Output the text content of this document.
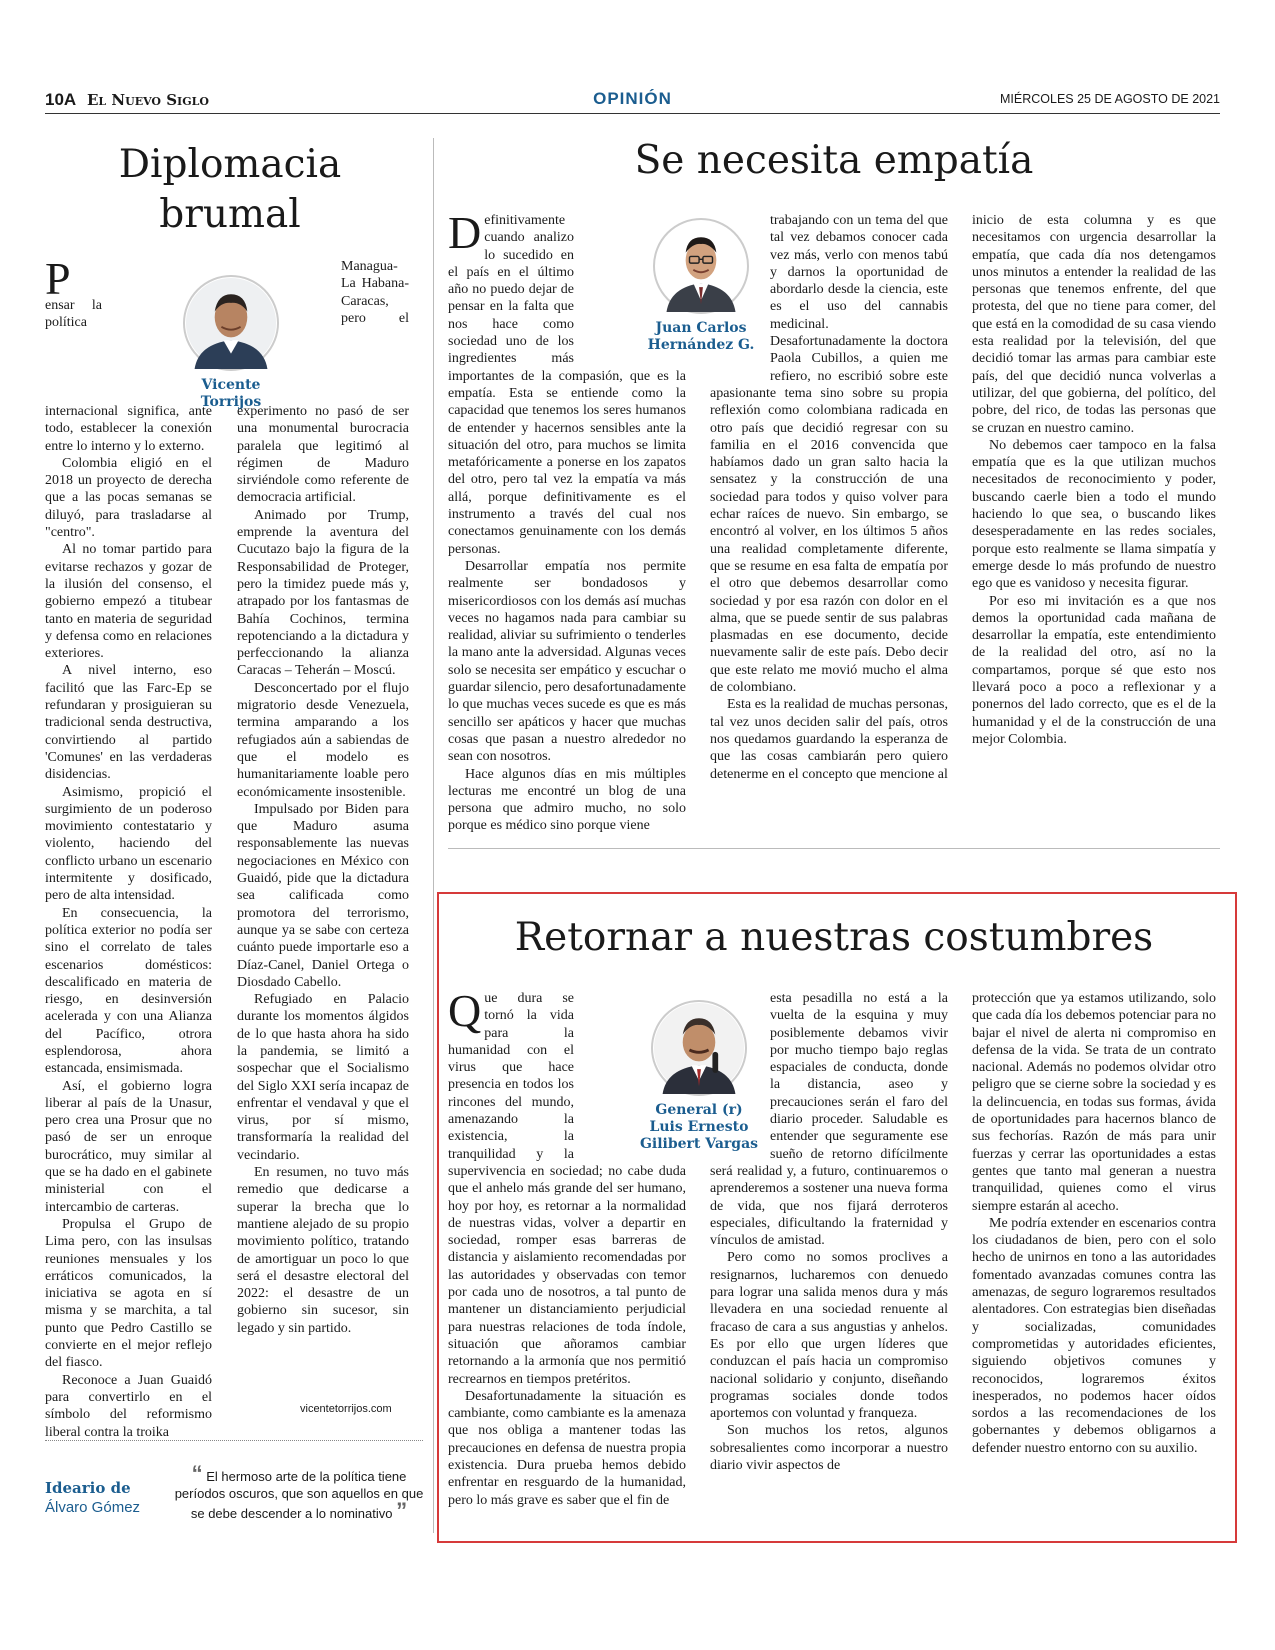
10A El Nuevo Siglo	OPINIÓN	MIÉRCOLES 25 DE AGOSTO DE 2021
Diplomacia
brumal
Vicente
Torrijos

P
ensar la política internacional significa, ante todo, establecer la conexión entre lo interno y lo externo.

Colombia eligió en el 2018 un proyecto de derecha que a las pocas semanas se diluyó, para trasladarse al "centro".

Al no tomar partido para evitarse rechazos y gozar de la ilusión del consenso, el gobierno empezó a titubear tanto en materia de seguridad y defensa como en relaciones exteriores.

A nivel interno, eso facilitó que las Farc-Ep se refundaran y prosiguieran su tradicional senda destructiva, convirtiendo al partido 'Comunes' en las verdaderas disidencias.

Asimismo, propició el surgimiento de un poderoso movimiento contestatario y violento, haciendo del conflicto urbano un escenario intermitente y dosificado, pero de alta intensidad.

En consecuencia, la política exterior no podía ser sino el correlato de tales escenarios domésticos: descalificado en materia de riesgo, en desinversión acelerada y con una Alianza del Pacífico, otrora esplendorosa, ahora estancada, ensimismada.

Así, el gobierno logra liberar al país de la Unasur, pero crea una Prosur que no pasó de ser un enroque burocrático, muy similar al que se ha dado en el gabinete ministerial con el intercambio de carteras.

Propulsa el Grupo de Lima pero, con las insulsas reuniones mensuales y los erráticos comunicados, la iniciativa se agota en sí misma y se marchita, a tal punto que Pedro Castillo se convierte en el mejor reflejo del fiasco.

Reconoce a Juan Guaidó para convertirlo en el símbolo del reformismo liberal contra la troika

Managua-La Habana-Caracas, pero el experimento no pasó de ser una monumental burocracia paralela que legitimó al régimen de Maduro sirviéndole como referente de democracia artificial.

Animado por Trump, emprende la aventura del Cucutazo bajo la figura de la Responsabilidad de Proteger, pero la timidez puede más y, atrapado por los fantasmas de Bahía Cochinos, termina repotenciando a la dictadura y perfeccionando la alianza Caracas – Teherán – Moscú.

Desconcertado por el flujo migratorio desde Venezuela, termina amparando a los refugiados aún a sabiendas de que el modelo es humanitariamente loable pero económicamente insostenible.

Impulsado por Biden para que Maduro asuma responsablemente las nuevas negociaciones en México con Guaidó, pide que la dictadura sea calificada como promotora del terrorismo, aunque ya se sabe con certeza cuánto puede importarle eso a Díaz-Canel, Daniel Ortega o Diosdado Cabello.

Refugiado en Palacio durante los momentos álgidos de lo que hasta ahora ha sido la pandemia, se limitó a sospechar que el Socialismo del Siglo XXI sería incapaz de enfrentar el vendaval y que el virus, por sí mismo, transformaría la realidad del vecindario.

En resumen, no tuvo más remedio que dedicarse a superar la brecha que lo mantiene alejado de su propio movimiento político, tratando de amortiguar un poco lo que será el desastre electoral del 2022: el desastre de un gobierno sin sucesor, sin legado y sin partido.

vicentetorrijos.com
Ideario de
Álvaro Gómez
“ El hermoso arte de la política tiene períodos oscuros, que son aquellos en que se debe descender a lo nominativo ”
Se necesita empatía
Juan Carlos
Hernández G.

Definitivamente cuando analizo lo sucedido en el país en el último año no puedo dejar de pensar en la falta que nos hace como sociedad uno de los ingredientes más importantes de la compasión, que es la empatía. Esta se entiende como la capacidad que tenemos los seres humanos de entender y hacernos sensibles ante la situación del otro, para muchos se limita metafóricamente a ponerse en los zapatos del otro, pero tal vez la empatía va más allá, porque definitivamente es el instrumento a través del cual nos conectamos genuinamente con los demás personas.

Desarrollar empatía nos permite realmente ser bondadosos y misericordiosos con los demás así muchas veces no hagamos nada para cambiar su realidad, aliviar su sufrimiento o tenderles la mano ante la adversidad. Algunas veces solo se necesita ser empático y escuchar o guardar silencio, pero desafortunadamente lo que muchas veces sucede es que es más sencillo ser apáticos y hacer que muchas cosas que pasan a nuestro alrededor no sean con nosotros.

Hace algunos días en mis múltiples lecturas me encontré un blog de una persona que admiro mucho, no solo porque es médico sino porque viene

trabajando con un tema del que tal vez debamos conocer cada vez más, verlo con menos tabú y darnos la oportunidad de abordarlo desde la ciencia, este es el uso del cannabis medicinal. Desafortunadamente la doctora Paola Cubillos, a quien me refiero, no escribió sobre este apasionante tema sino sobre su propia reflexión como colombiana radicada en otro país que decidió regresar con su familia en el 2016 convencida que habíamos dado un gran salto hacia la sensatez y la construcción de una sociedad para todos y quiso volver para echar raíces de nuevo. Sin embargo, se encontró al volver, en los últimos 5 años una realidad completamente diferente, que se resume en esa falta de empatía por el otro que debemos desarrollar como sociedad y por esa razón con dolor en el alma, que se puede sentir de sus palabras plasmadas en ese documento, decide nuevamente salir de este país. Debo decir que este relato me movió mucho el alma de colombiano.

Esta es la realidad de muchas personas, tal vez unos deciden salir del país, otros nos quedamos guardando la esperanza de que las cosas cambiarán pero quiero detenerme en el concepto que mencione al

inicio de esta columna y es que necesitamos con urgencia desarrollar la empatía, que cada día nos detengamos unos minutos a entender la realidad de las personas que tenemos enfrente, del que protesta, del que no tiene para comer, del que está en la comodidad de su casa viendo esta realidad por la televisión, del que decidió tomar las armas para cambiar este país, del que decidió nunca volverlas a utilizar, del que gobierna, del político, del pobre, del rico, de todas las personas que se cruzan en nuestro camino.

No debemos caer tampoco en la falsa empatía que es la que utilizan muchos necesitados de reconocimiento y poder, buscando caerle bien a todo el mundo haciendo lo que sea, o buscando likes desesperadamente en las redes sociales, porque esto realmente se llama simpatía y emerge desde lo más profundo de nuestro ego que es vanidoso y necesita figurar.

Por eso mi invitación es a que nos demos la oportunidad cada mañana de desarrollar la empatía, este entendimiento de la realidad del otro, así no la compartamos, porque sé que esto nos llevará poco a poco a reflexionar y a ponernos del lado correcto, que es el de la humanidad y el de la construcción de una mejor Colombia.

Retornar a nuestras costumbres
General (r)
Luis Ernesto
Gilibert Vargas

Que dura se tornó la vida para la humanidad con el virus que hace presencia en todos los rincones del mundo, amenazando la existencia, la tranquilidad y la supervivencia en sociedad; no cabe duda que el anhelo más grande del ser humano, hoy por hoy, es retornar a la normalidad de nuestras vidas, volver a departir en sociedad, romper esas barreras de distancia y aislamiento recomendadas por las autoridades y observadas con temor por cada uno de nosotros, a tal punto de mantener un distanciamiento perjudicial para nuestras relaciones de toda índole, situación que añoramos cambiar retornando a la armonía que nos permitió recrearnos en tiempos pretéritos.

Desafortunadamente la situación es cambiante, como cambiante es la amenaza que nos obliga a mantener todas las precauciones en defensa de nuestra propia existencia. Dura prueba hemos debido enfrentar en resguardo de la humanidad, pero lo más grave es saber que el fin de

esta pesadilla no está a la vuelta de la esquina y muy posiblemente debamos vivir por mucho tiempo bajo reglas espaciales de conducta, donde la distancia, aseo y precauciones serán el faro del diario proceder. Saludable es entender que seguramente ese sueño de retorno difícilmente será realidad y, a futuro, continuaremos o aprenderemos a sostener una nueva forma de vida, que nos fijará derroteros especiales, dificultando la fraternidad y vínculos de amistad.

Pero como no somos proclives a resignarnos, lucharemos con denuedo para lograr una salida menos dura y más llevadera en una sociedad renuente al fracaso de cara a sus angustias y anhelos. Es por ello que urgen líderes que conduzcan el país hacia un compromiso nacional solidario y conjunto, diseñando programas sociales donde todos aportemos con voluntad y franqueza.

Son muchos los retos, algunos sobresalientes como incorporar a nuestro diario vivir aspectos de

protección que ya estamos utilizando, solo que cada día los debemos potenciar para no bajar el nivel de alerta ni compromiso en defensa de la vida. Se trata de un contrato nacional. Además no podemos olvidar otro peligro que se cierne sobre la sociedad y es la delincuencia, en todas sus formas, ávida de oportunidades para hacernos blanco de sus fechorías. Razón de más para unir fuerzas y cerrar las oportunidades a estas gentes que tanto mal generan a nuestra tranquilidad, quienes como el virus siempre estarán al acecho.

Me podría extender en escenarios contra los ciudadanos de bien, pero con el solo hecho de unirnos en tono a las autoridades fomentado avanzadas comunes contra las amenazas, de seguro lograremos resultados alentadores. Con estrategias bien diseñadas y socializadas, comunidades comprometidas y autoridades eficientes, siguiendo objetivos comunes y reconocidos, lograremos éxitos inesperados, no podemos hacer oídos sordos a las recomendaciones de los gobernantes y debemos obligarnos a defender nuestro entorno con su auxilio.
